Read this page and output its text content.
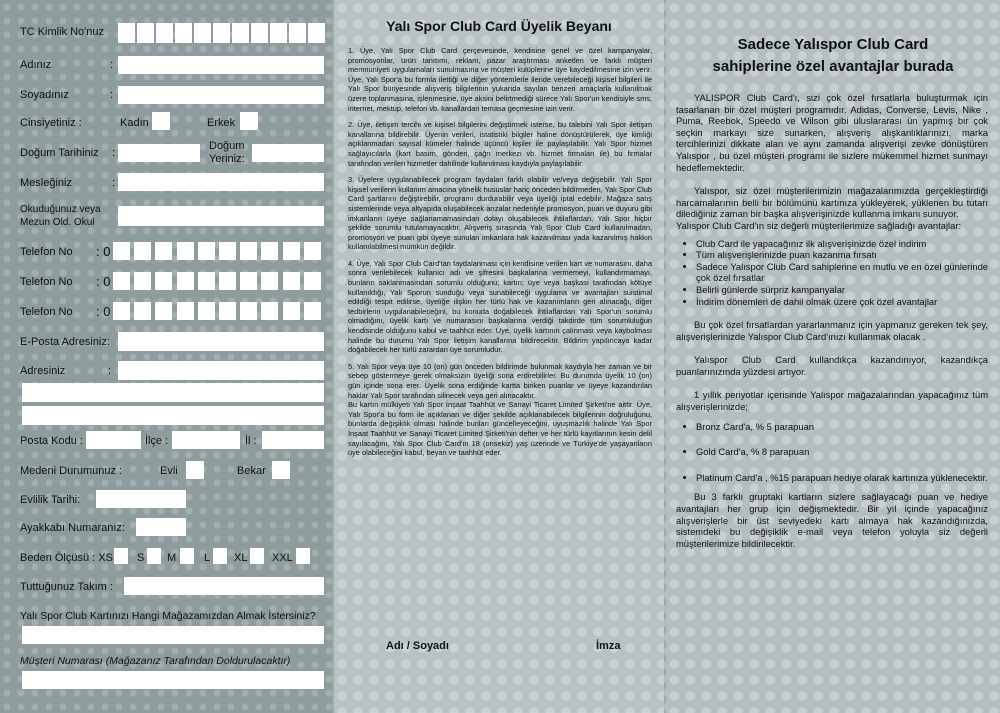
TC Kimlik No'nuz
Adınız	:
Soyadınız	:
Cinsiyetiniz :	Kadın	Erkek
Doğum Tarihiniz :
Doğum
Yeriniz:
Mesleğiniz	:
Okuduğunuz veya
Mezun Old. Okul
Telefon No : 0
Telefon No : 0
Telefon No : 0
E-Posta Adresiniz:
Adresiniz	:
Posta Kodu :	İlçe :	İl :
Medeni Durumunuz :	Evli	Bekar
Evlilik Tarihi:
Ayakkabı Numaranız:
Beden Ölçüsü : XS S M	L XL XXL
Tuttuğunuz Takım :
Yalı Spor Club Kartınızı Hangi Mağazamızdan Almak İstersiniz?
Müşteri Numarası (Mağazanız Tarafından Doldurulacaktır)
Yalı Spor Club Card Üyelik Beyanı

1. Üye, Yalı Spor Club Card çerçevesinde, kendisine genel ve özel kampanyalar, promosyonlar, ürün tanıtımı, reklam, pazar araştırması anketleri ve farklı müşteri memnuniyeti uygulamaları sunulmasına ve müşteri kulüplerine üye kaydedilmesine izin verir. Üye, Yalı Spor'a bu formla ilettiği ve diğer yöntemlerle ileride verebileceği kişisel bilgileri ile Yalı Spor bünyesinde alışveriş bilgilerinin yukarıda sayılan benzeri amaçlarla kullanılmak üzere toplanmasına, işlenmesine, üye aksini belirtmediği sürece Yalı Spor'un kendisiyle sms, internet, mektup, telefon vb. kanallardan temasa geçmesine izin verir.

2. Üye, iletişim tercihi ve kişisel bilgilerini değiştirmek isterse, bu talebini Yalı Spor iletişim kanallarına bildirebilir. Üyenin verileri, istatistiki bilgiler haline dönüştürülerek, üye kimliği açıklanmadan sayısal kümeler halinde üçüncü kişiler ile paylaşılabilir. Yalı Spor hizmet sağlayıcılarla (kart basım, gönderi, çağrı merkezi vb. hizmet firmaları ile) bu firmalar tarafından verilen hizmetler dahilinde kullanılması kaydıyla paylaşılabilir.

3. Üyelere uygulanabilecek program faydaları farklı olabilir ve/veya değişebilir. Yalı Spor kişisel verilerin kullanım amacına yönelik hususlar hariç önceden bildirmeden, Yalı Spor Club Card şartlarını değiştirebilir, programı durdurabilir veya üyeliği iptal edebilir. Mağaza satış sistemlerinde veya altyapıda oluşabilecek arızalar nedeniyle promosyon, puan ve duyuru gibi imkanların üyeye sağlanamamasından dolayı oluşabilecek ihtilaflardan, Yalı Spor hiçbir şekilde sorumlu tutulamayacaktır. Alışveriş sırasında Yalı Spor Club Card kullanılmadan, promosyon ve puan gibi üyeye sunulan imkanlara hak kazanılması yada kazanılmış hakkın kullanılabilmesi mümkün değildir.

4. Üye, Yalı Spor Club Card'tan faydalanması için kendisine verilen kart ve numarasını, daha sonra verilebilecek kullanıcı adı ve şifresini başkalarına vermemeyi, kullandırmamayı, bunların saklanmasından sorumlu olduğunu; kartın; üye veya başkası tarafından kötüye kullanıldığı, Yalı Sporun sunduğu veya sunabileceği uygulama ve avantajları suistimal edildiği tespit edilirse, üyeliğe ilişkin her türlü hak ve kazanımların geri alınacağı, diğer tedbirlerin uygulanabileceğini, bu konuda doğabilecek ihtilaflardan Yalı Spor'un sorumlu olmadığını, üyelik kartı ve numarasını başkalarına verdiği takdirde tüm sorumluluğun kendisinde olduğunu kabul ve taahhüt eder. Üye, üyelik kartının çalınması veya kaybolması halinde bu durumu Yalı Spor iletişim kanallarına bildirecektir. Bildirim yapılıncaya kadar doğabilecek her türlü zarardan üye sorumludur.

5. Yalı Spor veya üye 10 (on) gün önceden bildirimde bulunmak kaydıyla her zaman ve bir sebep göstermeye gerek olmaksızın üyeliği sona erdirebilirler. Bu durumda üyelik 10 (on) gün içinde sona erer. Üyelik sona erdiğinde kartta biriken puanlar ve üyeye kazandırılan haklar Yalı Spor tarafından silinecek veya geri alınacaktır.

Bu kartın mülkiyeti Yalı Spor İnşaat Taahhüt ve Sanayi Ticaret Limited Şirketi'ne aittir. Üye, Yalı Spor'a bu form ile açıklanan ve diğer şekilde açıklanabilecek bilgilerinin doğruluğunu, bunlarda değişiklik olması halinde bunları güncelleyeceğini, uyuşmazlık halinde Yalı Spor İnşaat Taahhüt ve Sanayi Ticaret Limited Şirketi'nin defter ve her türlü kayıtlarının kesin delil sayılacağını, Yalı Spor Club Card'ın 18 (onsekiz) yaş üzerinde ve Türkiye'de yaşayanların üye olabileceğini kabul, beyan ve taahhüt eder.

Adı / Soyadı	İmza
Sadece Yalıspor Club Card
sahiplerine özel avantajlar burada

YALISPOR Club Card'ı, sizi çok özel fırsatlarla buluşturmak için tasarlanan bir özel müşteri programıdır. Adidas, Converse, Levis, Nike , Puma, Reebok, Speedo ve Wilson gibi uluslararası ün yapmış bir çok seçkin markayı size sunarken, alışveriş alışkanlıklarınızı, marka tercihlerinizi dikkate alan ve aynı zamanda alışverişi zevke dönüştüren Yalıspor , bu özel müşteri programı ile sizlere mükemmel hizmet sunmayı hedeflemektedir.

Yalıspor, siz özel müşterilerimizin mağazalarımızda gerçekleştirdiği harcamalarının belli bir bölümünü kartınıza yükleyerek, yüklenen bu tutarı dilediğiniz zaman bir başka alışverişinizde kullanma imkanı sunuyor.

Yalıspor Club Card'ın siz değerli müşterilerimize sağladığı avantajlar:

• Club Card ile yapacağınız ilk alışverişinizde özel indirim
• Tüm alışverişlerinizde puan kazanma fırsatı
• Sadece Yalıspor Club Card sahiplerine en mutlu ve en özel günlerinde çok özel fırsatlar
• Belirli günlerde sürpriz kampanyalar
• İndirim dönemleri de dahil olmak üzere çok özel avantajlar

Bu çok özel fırsatlardan yararlanmanız için yapmanız gereken tek şey, alışverişlerinizde Yalıspor Club Card'ınızı kullanmak olacak .

Yalıspor Club Card kullandıkça kazandınıyor, kazandıkça puanlarınızında yüzdesi artıyor.

1 yıllık periyotlar içerisinde Yalıspor mağazalarından yapacağınız tüm alışverişlerinizde;

• Bronz Card'a, % 5 parapuan
• Gold Card'a, % 8 parapuan
• Platinum Card'a , %15 parapuan hediye olarak kartınıza yüklenecektir.

Bu 3 farklı gruptaki kartların sizlere sağlayacağı puan ve hediye avantajları her grup için değişmektedir. Bir yıl içinde yapacağınız alışverişlerle bir üst seviyedeki kartı almaya hak kazandığınızda, sistemdeki bu değişiklik e-mail veya telefon yoluyla siz değerli müşterilerimize bildirilecektir.
